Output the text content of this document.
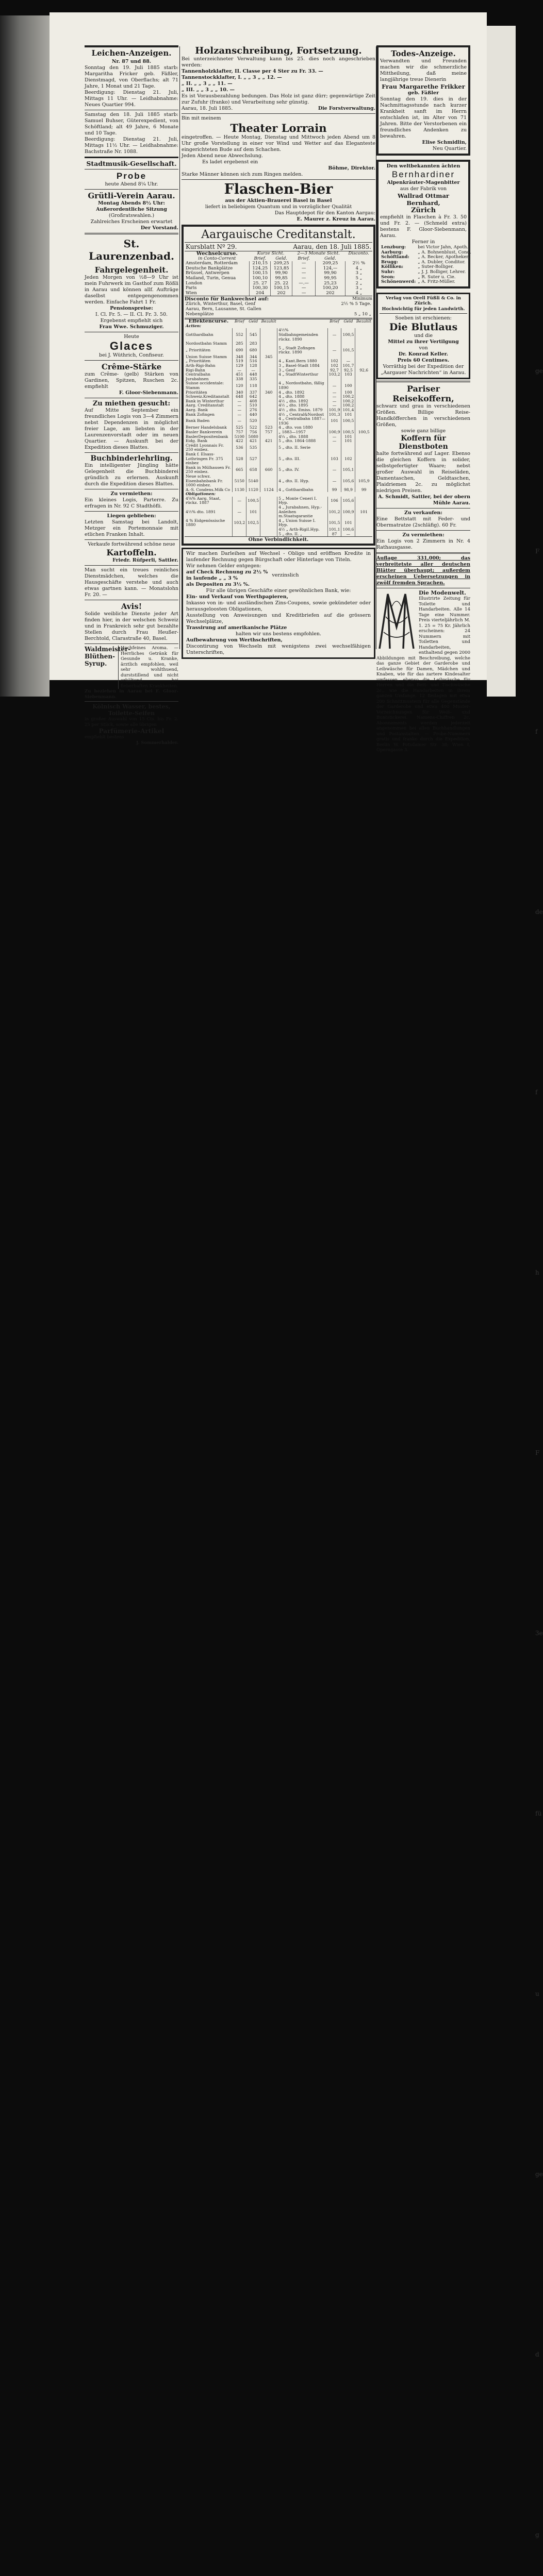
ge
F
f
de
f
h
F
3e
fü
u
ge
d
g

Leichen-Anzeigen.

Nr. 87 und 88.

Sonntag den 19. Juli 1885 starb: Margaritha Fricker geb. Fäßler, Dienstmagd, von Oberflachs; alt 71 Jahre, 1 Monat und 21 Tage.

Beerdigung: Dienstag 21. Juli, Mittags 11 Uhr. — Leidhabnahme: Neues Quartier 994.

Samstag den 18. Juli 1885 starb: Samuel Buhser, Güterexpedient, von Schöftland; alt 49 Jahre, 6 Monate und 10 Tage.

Beerdigung: Dienstag 21. Juli, Mittags 11½ Uhr. — Leidhabnahme: Bachstraße Nr. 1088.

Stadtmusik-Gesellschaft.

Probe

heute Abend 8¼ Uhr.

Grütli-Verein Aarau.

Montag Abends 8½ Uhr: Außerordentliche Sitzung

(Großratswahlen.)

Zahlreiches Erscheinen erwartet

Der Vorstand.

St. Laurenzenbad.

Fahrgelegenheit.

Jeden Morgen von ½8—9 Uhr ist mein Fuhrwerk im Gasthof zum Rößli in Aarau und können allf. Aufträge daselbst entgegengenommen werden. Einfache Fahrt 1 Fr.

Pensionspreise:

I. Cl. Fr. 5. — II. Cl. Fr. 3. 50.

Ergebenst empfiehlt sich

Frau Wwe. Schmuziger.

Heute

Glaces

bei J. Wüthrich, Confiseur.

Crême-Stärke

zum Crême- (gelb) Stärken von Gardinen, Spitzen, Ruschen 2c. empfiehlt

F. Gloor-Siebenmann.

Zu miethen gesucht:

Auf Mitte September ein freundliches Logis von 3—4 Zimmern nebst Dependenzen in möglichst freier Lage, am liebsten in der Laurenzenvorstadt oder im neuen Quartier. — Auskunft bei der Expedition dieses Blattes.

Buchbinderlehrling.

Ein intelligenter Jüngling hätte Gelegenheit die Buchbinderei gründlich zu erlernen. Auskunft durch die Expedition dieses Blattes.

Zu vermiethen:

Ein kleines Logis, Parterre. Zu erfragen in Nr. 92 C Stadthöfli.

Liegen geblieben:

Letzten Samstag bei Landolt, Metzger ein Portemonnaie mit etlichen Franken Inhalt.

Verkaufe fortwährend schöne neue

Kartoffeln.

Friedr. Rüfperli, Sattler.

Man sucht ein treues reinliches Dienstmädchen, welches die Hausgeschäfte verstehe und auch etwas gartnen kann. — Monatslohn Fr. 20. —

Avis!

Solide weibliche Dienste jeder Art finden hier, in der welschen Schweiz und in Frankreich sehr gut bezahlte Stellen durch Frau Heußer-Berchtold, Clarastraße 40, Basel.

Waldmeister-Blüthen-Syrup.

Hochfeines Aroma. — Herrliches Getränk für Gesunde u. Kranke, ärztlich empfohlen, weil sehr wohlthuend, durststillend und nicht erkältend bei fieberhaften Krankheiten.

Zu beziehen in Aarau bei F. Gloor-Siebenmann.

Kölnisch Wasser, bestes, Toilette-Seifen

in großer Auswahl von 15 Cts. bis Fr. 2. 25 per Stück, sowie alle übrigen

Parfümerie-Artikel

empfiehlt bestens

J. Sommerhalder.

Holzanschreibung, Fortsetzung.

Bei unterzeichneter Verwaltung kann bis 25. dies noch angeschrieben werden:

Tannenholzklafter, II. Classe per 4 Ster zu Fr. 33. —

Tannenstockklafter, I. „ „ 3 „ „ 12. —

„ II. „ „ 3 „ „ 11. —

„ III. „ „ 3 „ „ 10. —

Es ist Vorausbezahlung bedungen. Das Holz ist ganz dürr; gegenwärtige Zeit zur Zufuhr (franko) und Verarbeitung sehr günstig.

Aarau, 18. Juli 1885.	Die Forstverwaltung.

Bin mit meinem

Theater Lorrain

eingetroffen. — Heute Montag, Dienstag und Mittwoch jeden Abend um 8 Uhr große Vorstellung in einer vor Wind und Wetter auf das Eleganteste eingerichteten Bude auf dem Schachen.

Jeden Abend neue Abwechslung.

Es ladet ergebenst ein

Böhme, Direktor.

Starke Männer können sich zum Ringen melden.

Flaschen-Bier

aus der Aktien-Brauerei Basel in Basel

liefert in beliebigem Quantum und in vorzüglicher Qualität

Das Hauptdepot für den Kanton Aargau:

E. Maurer z. Kreuz in Aarau.

Aargauische Creditanstalt.

Kursblatt Nº 29.	Aarau, den 18. Juli 1885.
Wechselcurse.	Kurze Sicht.		2—3 Monate Sicht.		Disconto.
in Conto-Corrent	Brief.	Geld.	Brief.	Geld.	
Amsterdam, Rotterdam	210,15	209,25	—	209,25	2½ %
Deutsche Bankplätze	124,25	123,85	—	124,—	4 „
Brüssel, Antwerpen	100,15	99,90	—	99,90	3 „
Mailand, Turin, Genua	100,10	99,85	—	99,95	5 „
London	25. 27	25. 22	—.—	25,23	2 „
Paris	100,30	100,15	—	100,20	3 „
Wien	204	202	—	202	4 „
Disconto für Bankwechsel auf:	Minimum
Zürich, Winterthur, Basel, Genf	2½ % 5 Tage.
Aarau, Bern, Lausanne, St. Gallen	
Nebenplätze	5 „ 10 „
Effektencurse.	Brief	Geld	Bezahlt		Brief	Geld	Bezahlt
Actien:							
Gotthardbahn	552	545		4½% Südbahngemeinden rückz. 1890	—	100,5	
Nordostbahn Stamm	285	283					
„ Prioritäten	690	680		5 „ Stadt Zofingen rückz. 1890	—	101,5	
Union Suisse Stamm	348	344	345				
„ Prioritäten	519	516		4 „ Kant.Bern 1880	102	—	
Arth-Rigi-Bahn	129	128		3 „ Basel-Stadt 1884	102	101,7	
Rigi-Bahn	—	—		3 „ Genf	92,7	92,5	92,6
Centralbahn	451	448		4 „ StadtWinterthur	103,2	103	
Jurabahnen	338	335					
Suisse occidentale: Stamm	120	118		4 „ Nordostbahn, fällig 1890	—	100	
Prioritäten	340	337	340	4 „ dto. 1892	—	100	
Schweiz.Kreditanstalt	648	642		4 „ dto. 1888	—	100,2	
Bank in Winterthur	—	408		4½ „ dto. 1892	—	100,2	
Aarg. Creditanstalt	—	510		4½ „ dto. 1895	—	100,2	
Aarg. Bank	—	276		4½ „ dto. Emiss. 1879	101,9	101,4	
Bank Zofingen	—	440		4½ „ Central&Nordost	101,3	101	
Bank Baden	—	520		4 „ Centralbahn 1887—1936	101	100,5	
Berner Handelsbank	525	522	523	4 „ dto. von 1880			
Basler Bankverein	757	756	757	„ 1883—1957	100,9	100,5	100,5
BaslerDepositenbank	5100	5080		4¼ „ dto. 1888	—	101	
Eidg. Bank	422	421	421	5 „ dto. 1864-1888	—	101	
Crédit Lyonnais Fr. 250 einbez.	536	535		5 „ dto. II. Serie			
Bank f. Elsass-Lothringen Fr. 375 einbez	528	527		5 „ dto. III.	103	102	
Bank in Mülhausen Fr. 250 einbez.	665	658	660	5 „ dto. IV.	—	105,1	
Neue schwz. Eisenbahnbank Fr. 1000 einbez.	5150	5140		4 „ dto. II. Hyp.	—	105,6	105,9
A.-S. Condens.Milk Co	1130	1120	1124	4 „ Gotthardbahn	99	98,9	99
Obligationen:							
4⅝% Aarg. Staat, rückz. 1887	—	100,5		5 „ Monte Ceneri I. Hyp.	106	105,6	
4½% dto. 1891	—	101		4 „ Jurabahnen, Hyp.-Anleihen m.Staatsgarantie	101,2	100,9	101
4 % Eidgenössische 1880	103,2	102,5		4 „ Union Suisse I. Hyp.	101,5	101	
				4½ „ Arth-RigiI.Hyp.	101,1	100,6	
				5 „ dto. II. „	87	—	
Ohne Verbindlichkeit.

Wir machen Darleihen auf Wechsel - Obligo und eröffnen Kredite in laufender Rechnung gegen Bürgschaft oder Hinterlage von Titeln.

Wir nehmen Gelder entgegen:

auf Check Rechnung zu 2½ %

in laufende „ „ 3 %

verzinslich

als Depositen zu 3½ %.

Für alle übrigen Geschäfte einer gewöhnlichen Bank, wie:

Ein- und Verkauf von Werthpapieren,

Inkasso von in- und ausländischen Zins-Coupons, sowie gekündeter oder herausgeloosten Obligationen,

Ausstellung von Anweisungen und Kreditbriefen auf die grössern Wechselplätze,

Trassirung auf amerikanische Plätze

halten wir uns bestens empfohlen.

Aufbewahrung von Werthschriften,

Discontirung von Wechseln mit wenigstens zwei wechselfähigen Unterschriften,

Todes-Anzeige.

Verwandten und Freunden machen wir die schmerzliche Mittheilung, daß meine langjährige treue Dienerin

Frau Margarethe Frikker

geb. Fäßler

Sonntag den 19. dies in der Nachmittagsstunde nach kurzer Krankheit sanft im Herrn entschlafen ist, im Alter von 71 Jahren. Bitte der Verstorbenen ein freundliches Andenken zu bewahren.

Elise Schmidlin,

Neu Quartier.

Den weltbekannten ächten

Bernhardiner

Alpenkräuter-Magenbitter

aus der Fabrik von

Wallrad Ottmar Bernhard,

Zürich

empfiehlt in Flaschen à Fr. 3. 50 und Fr. 2. — (Schmeld extra) bestens F. Gloor-Siebenmann, Aarau.

Ferner in

Lenzburg:	bei Victor Jahn, Apoth.
Aarburg:	„ A. Bohnenblust, Cond.
Schöftland:	„ A. Becker, Apotheker.
Brugg:	„ A. Dubler, Conditor.
Kölliken:	„ Suter-Bolliger.
Suhr:	„ J. J. Bolliger, Lehrer.
Seon:	„ R. Suter u. Cie.
Schönenwerd:	„ A. Fritz-Müller.

Verlag von Orell Füßli & Co. in Zürich.

Hochwichtig für jeden Landwirth.

Soeben ist erschienen:

Die Blutlaus

und die

Mittel zu ihrer Vertilgung

von

Dr. Konrad Keller.

Preis 60 Centimes.

Vorräthig bei der Expedition der „Aargauer Nachrichten“ in Aarau.

Pariser Reisekoffern,

schwarz und grau in verschiedenen Größen. Billige Reise-Handköfferchen in verschiedenen Größen,

sowie ganz billige

Koffern für Dienstboten

halte fortwährend auf Lager. Ebenso die gleichen Koffern in solider, selbstgefertigter Waare; nebst großer Auswahl in Reiseläden, Damentaschen, Geldtaschen, Plaidriemen 2c. zu möglichst niedrigen Preisen.

A. Schmidt, Sattler, bei der obern Mühle Aarau.

Zu verkaufen:

Eine Bettstatt mit Feder- und Obermatratze (2schläfig). 60 Fr.

Zu vermiethen:

Ein Logis von 2 Zimmern in Nr. 4 Rathausgasse.

Auflage 331,000; das verbreitetste aller deutschen Blätter überhaupt; außerdem erscheinen Uebersetzungen in zwölf fremden Sprachen.

Die Modenwelt.

Illustrirte Zeitung für Toilette und Handarbeiten. Alle 14 Tage eine Nummer. Preis vierteljährlich M. 1. 25 = 75 Kr. Jährlich erscheinen: 24 Nummern mit Toiletten und Handarbeiten, enthaltend gegen 2000 Abbildungen mit Beschreibung, welche das ganze Gebiet der Garderobe und Leibwäsche für Damen, Mädchen und Knaben, wie für das zartere Kindesalter umfassen, ebenso die Leibwäsche für Herren und die Bett- und Tischwäsche 2c., wie die Handarbeiten in ihrem ganzen Umfange. 12 Beilagen mit etwa 200 Schnittmustern für alle Gegenstände der Garderobe und etwa 400 Muster-Vorzeichnungen für Weiß- und Buntstickerei, Namens-Chiffren 2c. Abonnements werden jederzeit angenommen bei allen Buchhandlungen und Postanstalten. — Probe-Nummern gratis und franko durch die Expedition, Berlin W, Potsdamer Str. 38; Wien I, Operngasse 3.
